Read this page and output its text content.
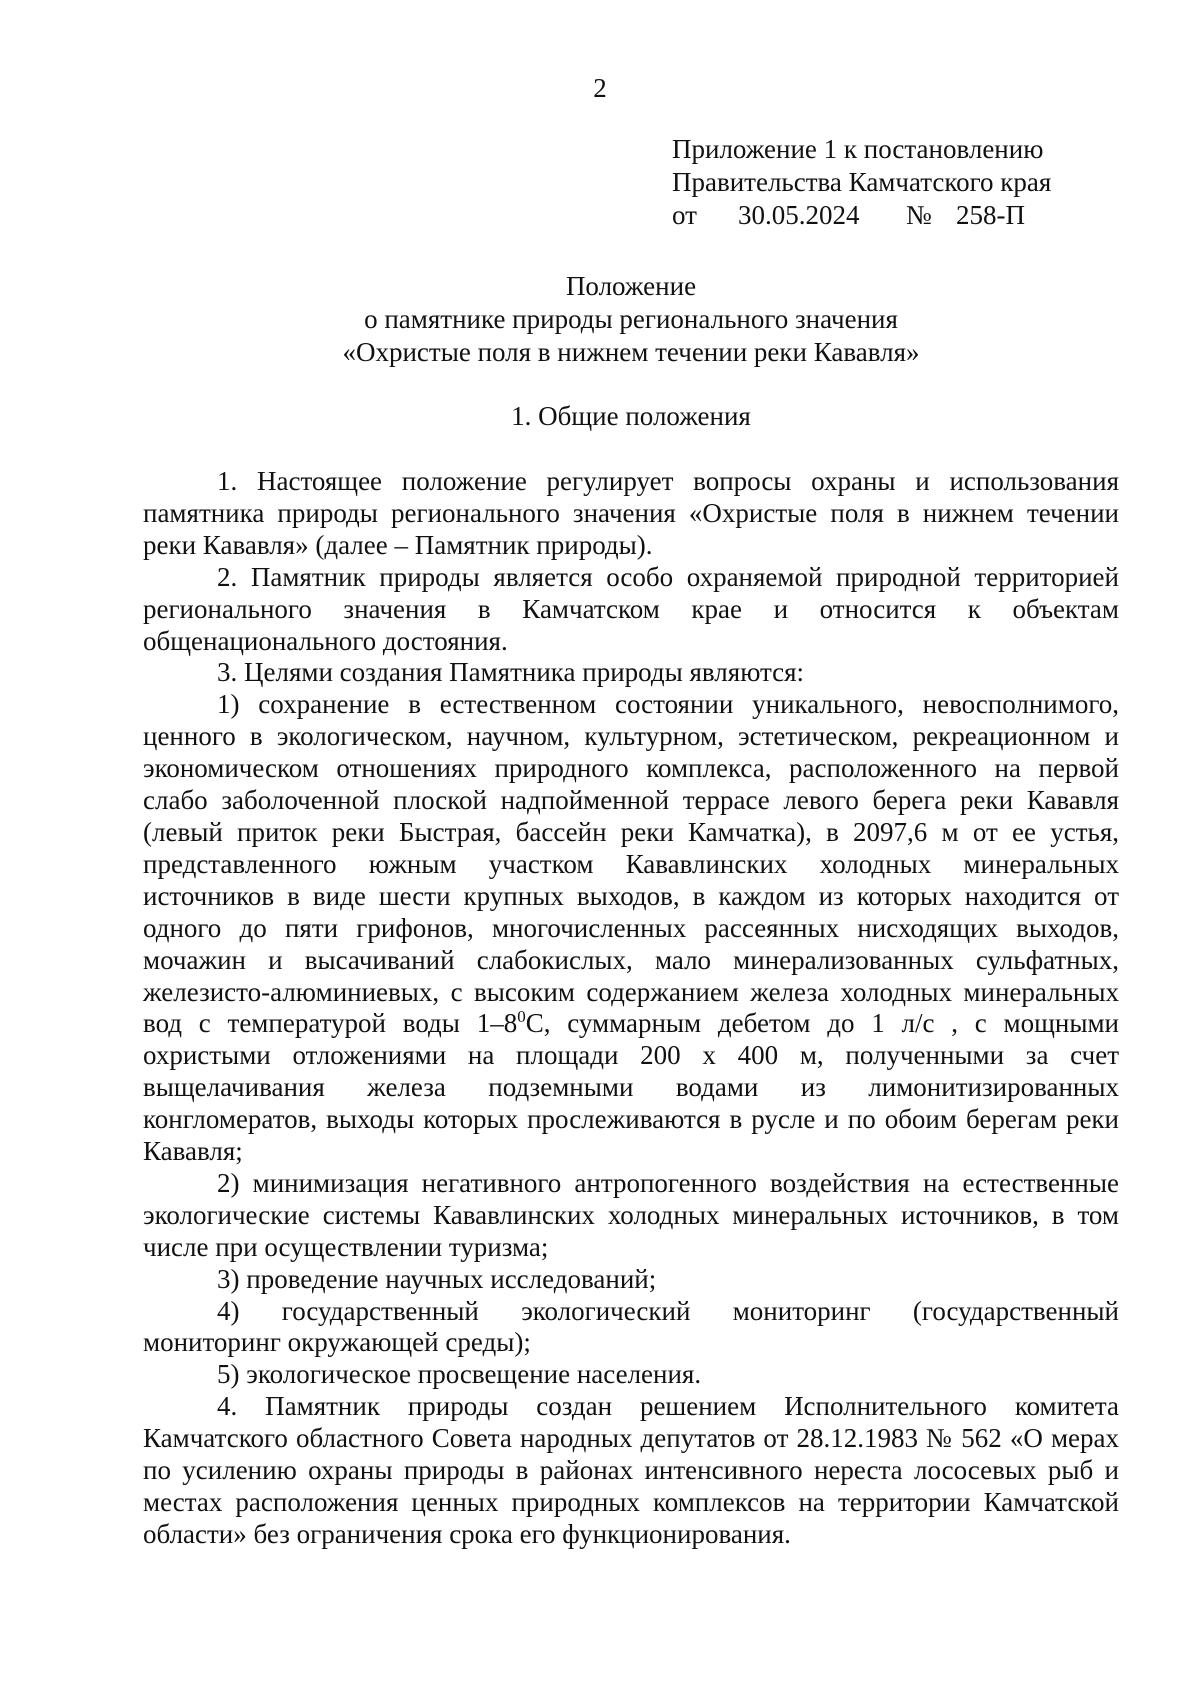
2
Приложение 1 к постановлению
Правительства Камчатского края
от 30.05.2024 № 258-П
Положение
о памятнике природы регионального значения
«Охристые поля в нижнем течении реки Кававля»
1. Общие положения

1. Настоящее положение регулирует вопросы охраны и использования памятника природы регионального значения «Охристые поля в нижнем течении реки Кававля» (далее – Памятник природы).

2. Памятник природы является особо охраняемой природной территорией регионального значения в Камчатском крае и относится к объектам общенационального достояния.

3. Целями создания Памятника природы являются:

1) сохранение в естественном состоянии уникального, невосполнимого, ценного в экологическом, научном, культурном, эстетическом, рекреационном и экономическом отношениях природного комплекса, расположенного на первой слабо заболоченной плоской надпойменной террасе левого берега реки Кававля (левый приток реки Быстрая, бассейн реки Камчатка), в 2097,6 м от ее устья, представленного южным участком Кававлинских холодных минеральных источников в виде шести крупных выходов, в каждом из которых находится от одного до пяти грифонов, многочисленных рассеянных нисходящих выходов, мочажин и высачиваний слабокислых, мало минерализованных сульфатных, железисто-алюминиевых, с высоким содержанием железа холодных минеральных вод с температурой воды $1-8^0С$, суммарным дебетом до 1 л/с , с мощными охристыми отложениями на площади 200 х 400 м, полученными за счет выщелачивания железа подземными водами из лимонитизированных конгломератов, выходы которых прослеживаются в русле и по обоим берегам реки Кававля;

2) минимизация негативного антропогенного воздействия на естественные экологические системы Кававлинских холодных минеральных источников, в том числе при осуществлении туризма;

3) проведение научных исследований;

4) государственный экологический мониторинг (государственный мониторинг окружающей среды);

5) экологическое просвещение населения.

4. Памятник природы создан решением Исполнительного комитета Камчатского областного Совета народных депутатов от 28.12.1983 № 562 «О мерах по усилению охраны природы в районах интенсивного нереста лососевых рыб и местах расположения ценных природных комплексов на территории Камчатской области» без ограничения срока его функционирования.
